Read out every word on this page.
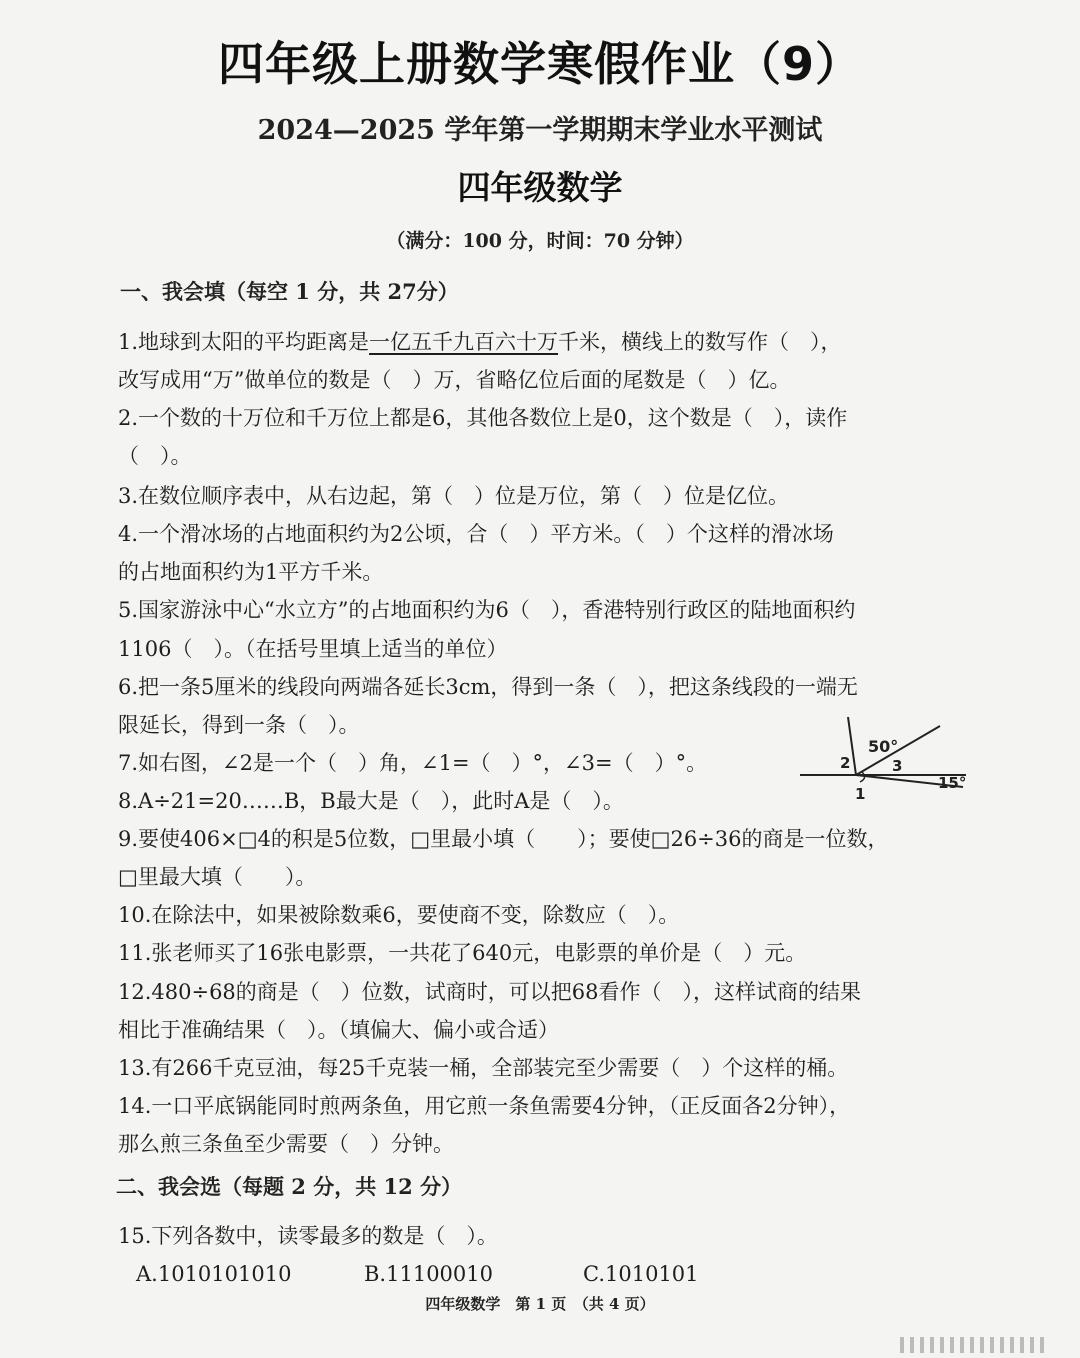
四年级上册数学寒假作业（9）
2024—2025 学年第一学期期末学业水平测试
四年级数学
（满分：100 分，时间：70 分钟）
一、我会填（每空 1 分，共 27分）
1.地球到太阳的平均距离是一亿五千九百六十万千米，横线上的数写作（　），
改写成用“万”做单位的数是（　）万，省略亿位后面的尾数是（　）亿。
2.一个数的十万位和千万位上都是6，其他各数位上是0，这个数是（　），读作
（　）。
3.在数位顺序表中，从右边起，第（　）位是万位，第（　）位是亿位。
4.一个滑冰场的占地面积约为2公顷，合（　）平方米。（　）个这样的滑冰场
的占地面积约为1平方千米。
5.国家游泳中心“水立方”的占地面积约为6（　），香港特别行政区的陆地面积约
1106（　）。（在括号里填上适当的单位）
6.把一条5厘米的线段向两端各延长3cm，得到一条（　），把这条线段的一端无
限延长，得到一条（　）。
7.如右图，∠2是一个（　）角，∠1=（　）°，∠3=（　）°。
50°
15°
2	3
1
8.A÷21=20……B，B最大是（　），此时A是（　）。
9.要使406×□4的积是5位数，□里最小填（　　）；要使□26÷36的商是一位数，
□里最大填（　　）。
10.在除法中，如果被除数乘6，要使商不变，除数应（　）。
11.张老师买了16张电影票，一共花了640元，电影票的单价是（　）元。
12.480÷68的商是（　）位数，试商时，可以把68看作（　），这样试商的结果
相比于准确结果（　）。（填偏大、偏小或合适）
13.有266千克豆油，每25千克装一桶，全部装完至少需要（　）个这样的桶。
14.一口平底锅能同时煎两条鱼，用它煎一条鱼需要4分钟，（正反面各2分钟），
那么煎三条鱼至少需要（　）分钟。
二、我会选（每题 2 分，共 12 分）
15.下列各数中，读零最多的数是（　）。
A.1010101010	B.11100010	C.1010101
四年级数学　第 1 页　（共 4 页）
